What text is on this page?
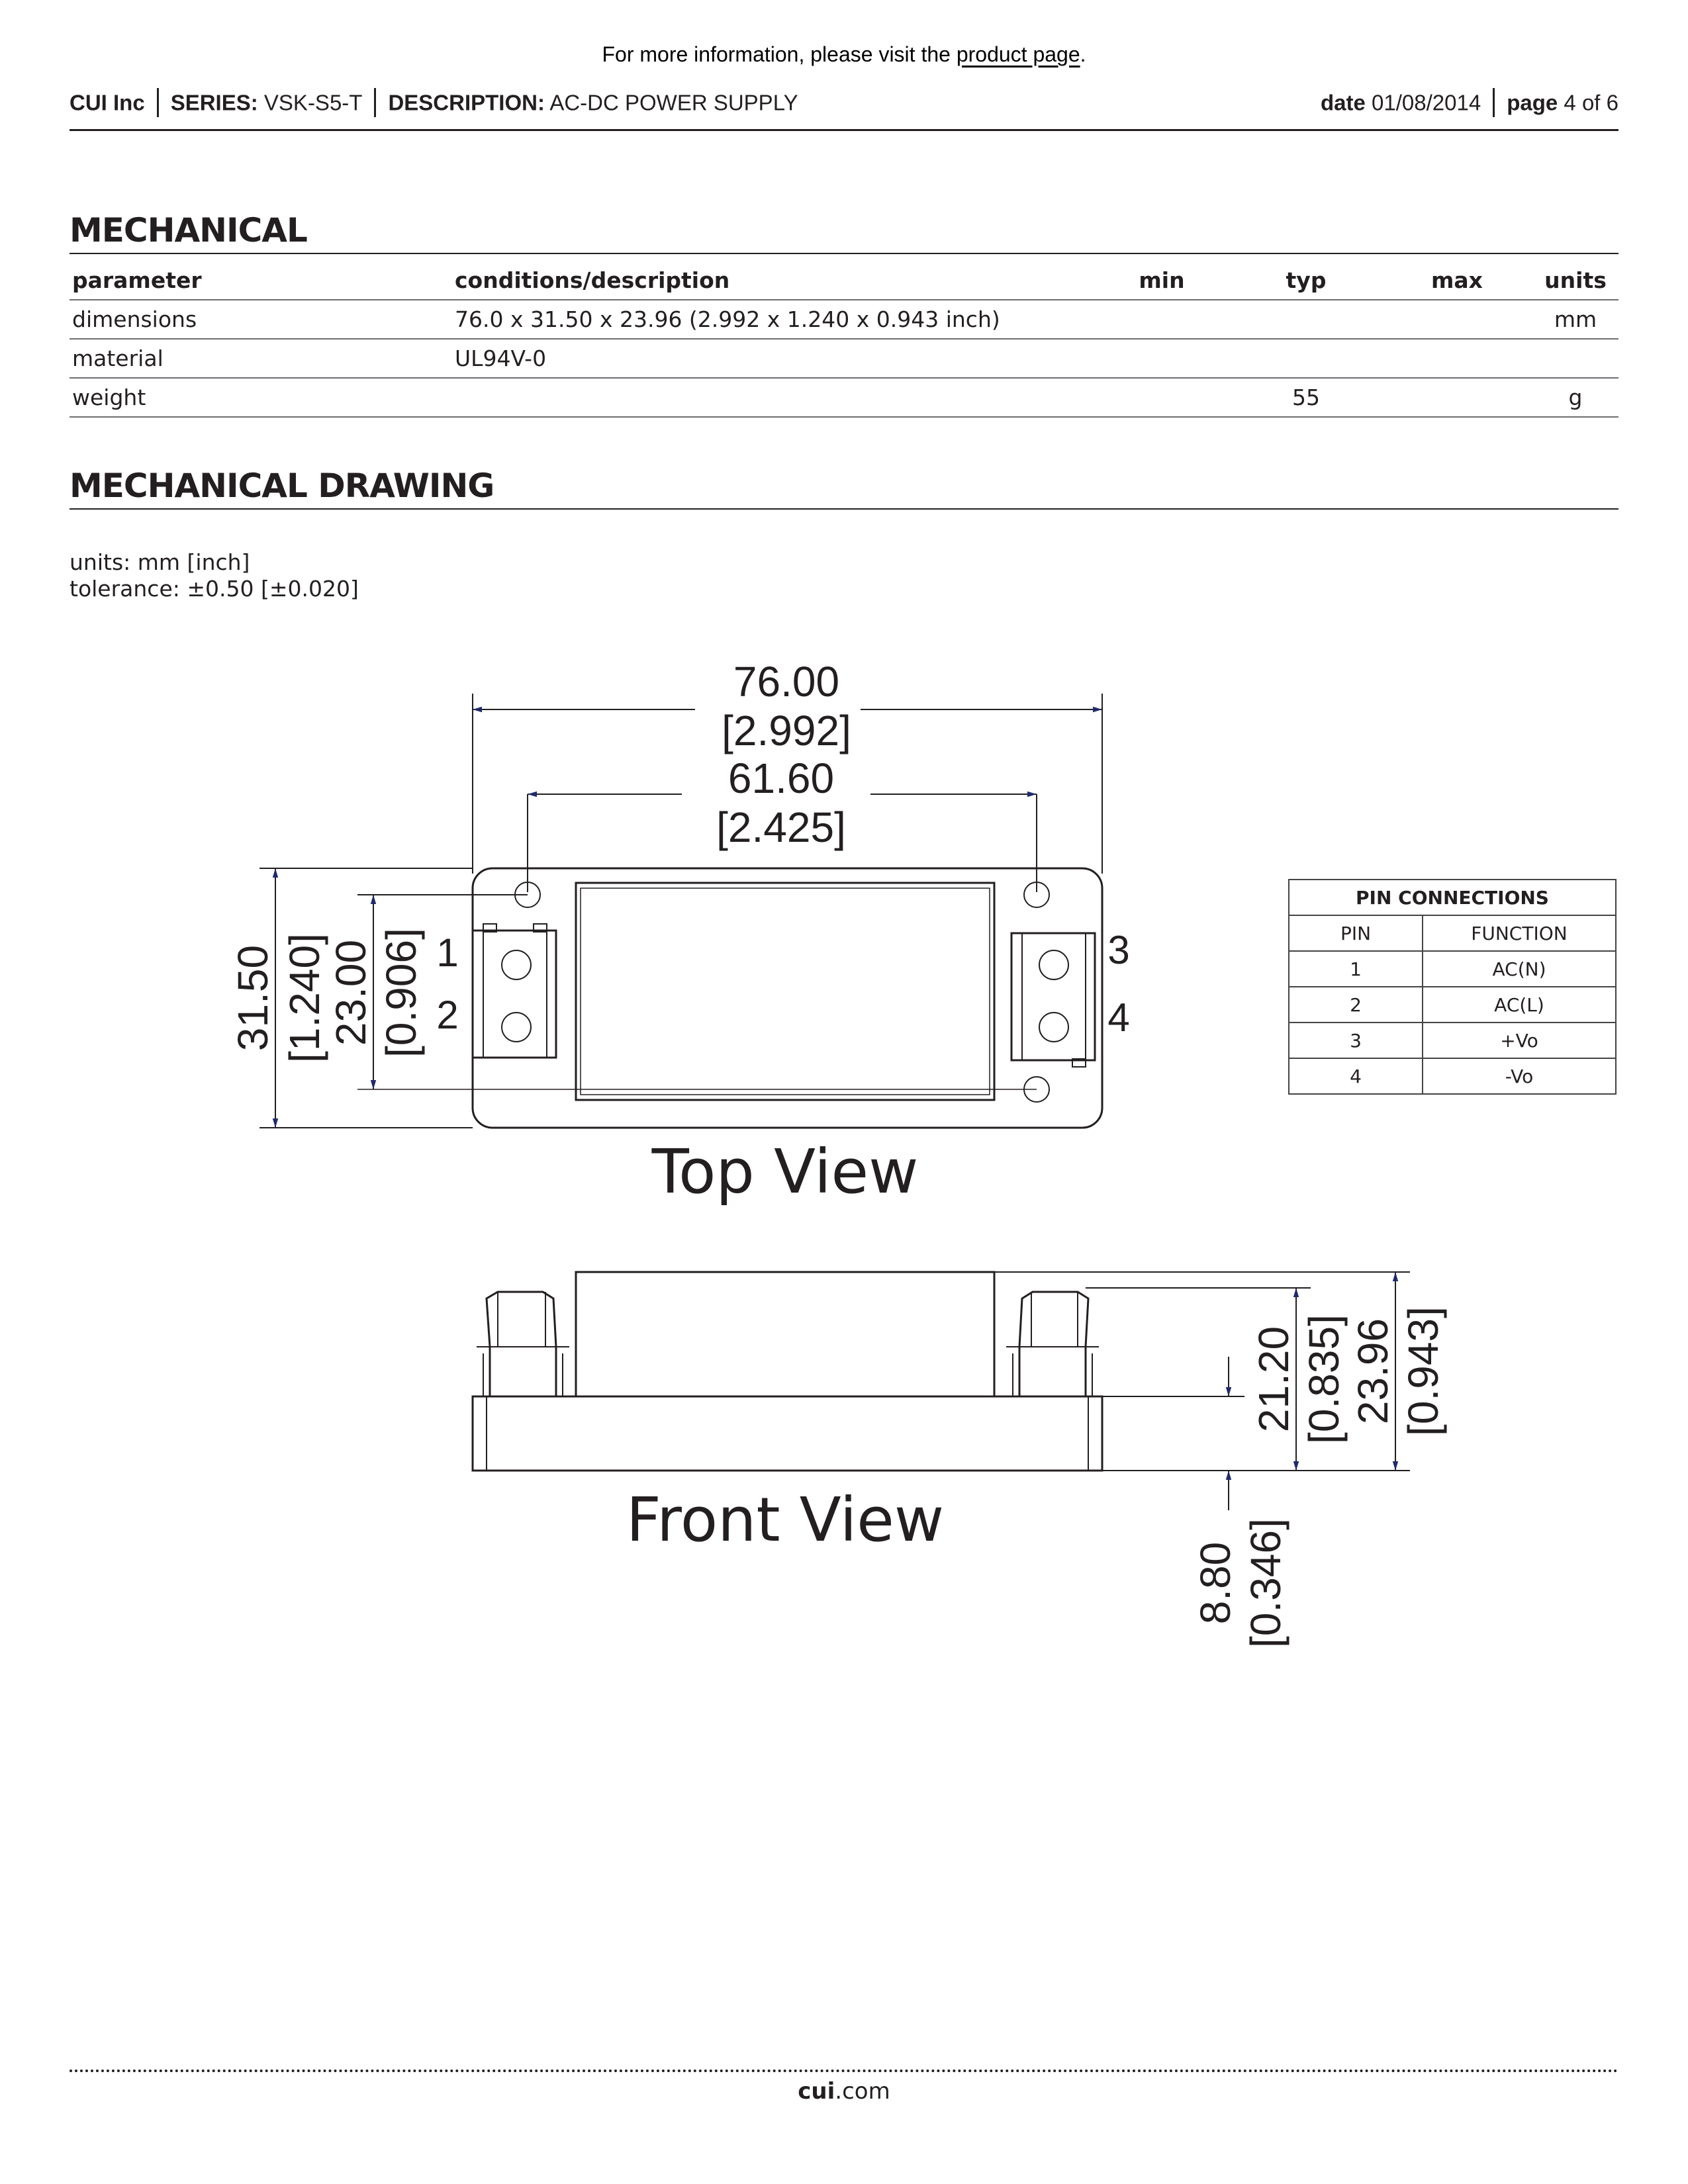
For more information, please visit the product page.
CUI Inc SERIES: VSK-S5-T DESCRIPTION: AC-DC POWER SUPPLY	date 01/08/2014 page 4 of 6
MECHANICAL
parameter	conditions/description	min	typ	max	units
dimensions	76.0 x 31.50 x 23.96 (2.992 x 1.240 x 0.943 inch)				mm
material	UL94V-0				
weight			55		g
MECHANICAL DRAWING
units: mm [inch]
tolerance: ±0.50 [±0.020]
76.00
[2.992]
61.60
[2.425]
31.50 [1.240]
23.00 [0.906] 1
2
3
4
Top View
Front View
21.20 [0.835] 23.96 [0.943]
8.80 [0.346]
PIN CONNECTIONS	
PIN	FUNCTION
1	AC(N)
2	AC(L)
3	+Vo
4	-Vo
cui.com
